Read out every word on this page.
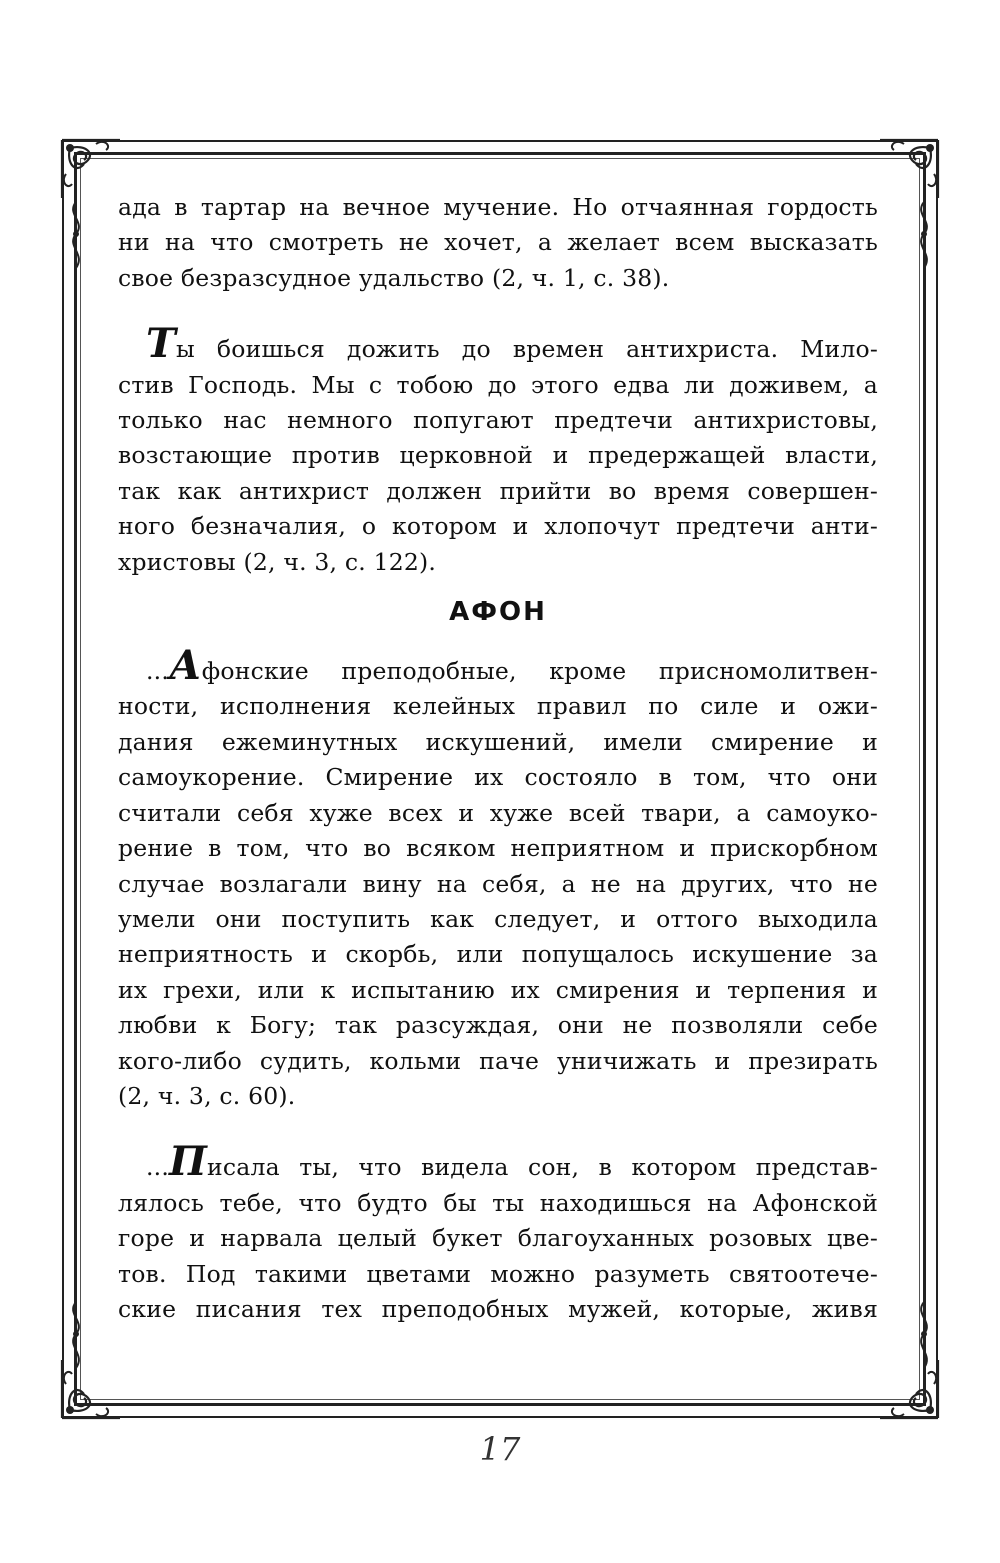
ада в тартар на вечное мучение. Но отчаянная гордость
ни на что смотреть не хочет, а желает всем высказать
свое безразсудное удальство (2, ч. 1, с. 38).
Ты боишься дожить до времен антихриста. Мило-
стив Господь. Мы с тобою до этого едва ли доживем, а
только нас немного попугают предтечи антихристовы,
возстающие против церковной и предержащей власти,
так как антихрист должен прийти во время совершен-
ного безначалия, о котором и хлопочут предтечи анти-
христовы (2, ч. 3, с. 122).
АФОН
...Афонские преподобные, кроме присномолитвен-
ности, исполнения келейных правил по силе и ожи-
дания ежеминутных искушений, имели смирение и
самоукорение. Смирение их состояло в том, что они
считали себя хуже всех и хуже всей твари, а самоуко-
рение в том, что во всяком неприятном и прискорбном
случае возлагали вину на себя, а не на других, что не
умели они поступить как следует, и оттого выходила
неприятность и скорбь, или попущалось искушение за
их грехи, или к испытанию их смирения и терпения и
любви к Богу; так разсуждая, они не позволяли себе
кого-либо судить, кольми паче уничижать и презирать
(2, ч. 3, с. 60).
...Писала ты, что видела сон, в котором представ-
лялось тебе, что будто бы ты находишься на Афонской
горе и нарвала целый букет благоуханных розовых цве-
тов. Под такими цветами можно разуметь святоотече-
ские писания тех преподобных мужей, которые, живя
17
